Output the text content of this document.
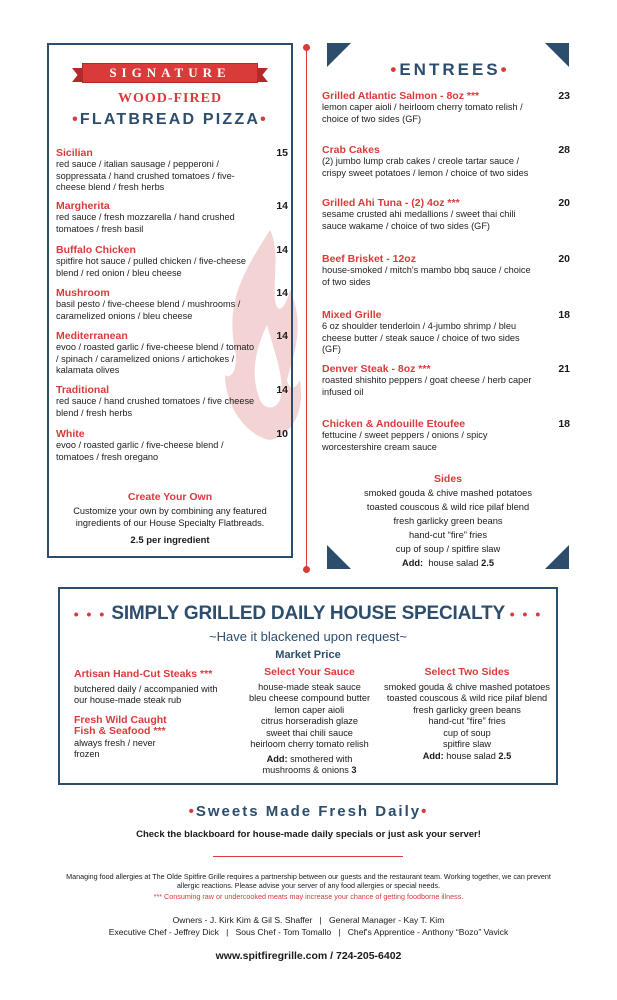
SIGNATURE
WOOD-FIRED
•FLATBREAD PIZZA•
Sicilian	15
red sauce / italian sausage / pepperoni / soppressata / hand crushed tomatoes / five-cheese blend / fresh herbs
Margherita	14
red sauce / fresh mozzarella / hand crushed tomatoes / fresh basil
Buffalo Chicken	14
spitfire hot sauce / pulled chicken / five-cheese blend / red onion / bleu cheese
Mushroom	14
basil pesto / five-cheese blend / mushrooms / caramelized onions / bleu cheese
Mediterranean	14
evoo / roasted garlic / five-cheese blend / tomato / spinach / caramelized onions / artichokes / kalamata olives
Traditional	14
red sauce / hand crushed tomatoes / five cheese blend / fresh herbs
White	10
evoo / roasted garlic / five-cheese blend / tomatoes / fresh oregano
Create Your Own
Customize your own by combining any featured ingredients of our House Specialty Flatbreads.
2.5 per ingredient
•ENTREES•
Grilled Atlantic Salmon - 8oz ***	23
lemon caper aioli / heirloom cherry tomato relish / choice of two sides (GF)
Crab Cakes	28
(2) jumbo lump crab cakes / creole tartar sauce / crispy sweet potatoes / lemon / choice of two sides
Grilled Ahi Tuna - (2) 4oz ***	20
sesame crusted ahi medallions / sweet thai chili sauce wakame / choice of two sides (GF)
Beef Brisket - 12oz	20
house-smoked / mitch's mambo bbq sauce / choice of two sides
Mixed Grille	18
6 oz shoulder tenderloin / 4-jumbo shrimp / bleu cheese butter / steak sauce / choice of two sides (GF)
Denver Steak - 8oz ***	21
roasted shishito peppers / goat cheese / herb caper infused oil
Chicken & Andouille Etoufee	18
fettucine / sweet peppers / onions / spicy worcestershire cream sauce
Sides
smoked gouda & chive mashed potatoes
toasted couscous & wild rice pilaf blend
fresh garlicky green beans
hand-cut “fire” fries
cup of soup / spitfire slaw
Add: house salad 2.5
• • • SIMPLY GRILLED DAILY HOUSE SPECIALTY • • •
~Have it blackened upon request~
Market Price
Artisan Hand-Cut Steaks ***
butchered daily / accompanied with our house-made steak rub
Fresh Wild Caught
Fish & Seafood ***
always fresh / never frozen
Select Your Sauce
house-made steak sauce
bleu cheese compound butter
lemon caper aioli
citrus horseradish glaze
sweet thai chili sauce
heirloom cherry tomato relish
Add: smothered with mushrooms & onions 3
Select Two Sides
smoked gouda & chive mashed potatoes
toasted couscous & wild rice pilaf blend
fresh garlicky green beans
hand-cut “fire” fries
cup of soup
spitfire slaw
Add: house salad 2.5
•Sweets Made Fresh Daily•
Check the blackboard for house-made daily specials or just ask your server!
Managing food allergies at The Olde Spitfire Grille requires a partnership between our guests and the restaurant team. Working together, we can prevent allergic reactions. Please advise your server of any food allergies or special needs.
*** Consuming raw or undercooked meats may increase your chance of getting foodborne illness.
Owners - J. Kirk Kim & Gil S. Shaffer   |   General Manager - Kay T. Kim
Executive Chef - Jeffrey Dick   |   Sous Chef - Tom Tomallo   |   Chef's Apprentice - Anthony “Bozo” Vavick
www.spitfiregrille.com / 724-205-6402
